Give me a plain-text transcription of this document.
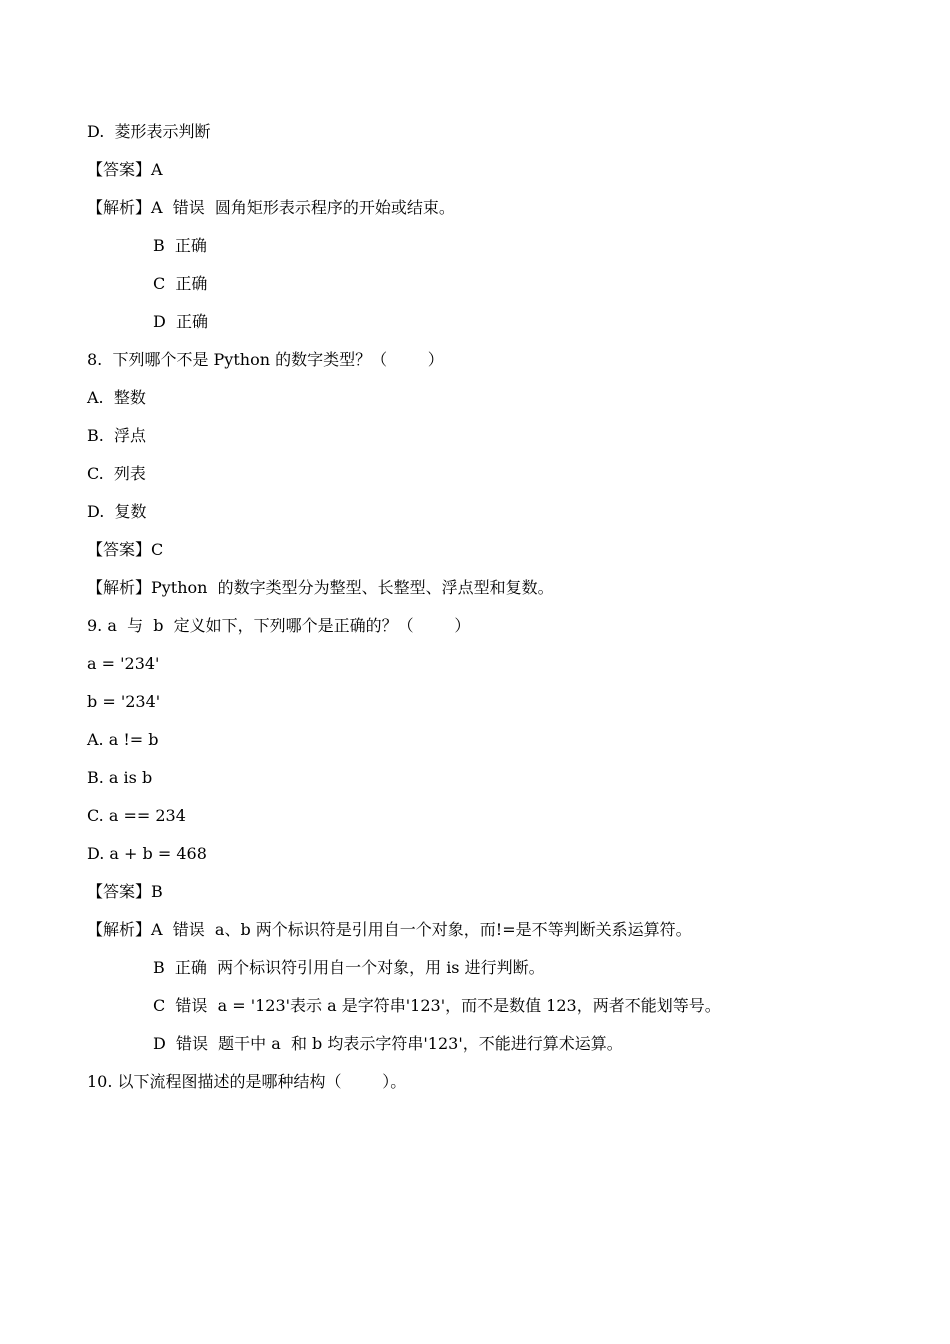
D.  菱形表示判断
【答案】A
【解析】A  错误  圆角矩形表示程序的开始或结束。
B  正确
C  正确
D  正确
8.  下列哪个不是 Python 的数字类型？（        ）
A.  整数
B.  浮点
C.  列表
D.  复数
【答案】C
【解析】Python  的数字类型分为整型、长整型、浮点型和复数。
9. a  与  b  定义如下，下列哪个是正确的？（        ）
a = '234'
b = '234'
A. a != b
B. a is b
C. a == 234
D. a + b = 468
【答案】B
【解析】A  错误  a、b 两个标识符是引用自一个对象，而!=是不等判断关系运算符。
B  正确  两个标识符引用自一个对象，用 is 进行判断。
C  错误  a = '123'表示 a 是字符串'123'，而不是数值 123，两者不能划等号。
D  错误  题干中 a  和 b 均表示字符串'123'，不能进行算术运算。
10. 以下流程图描述的是哪种结构（        ）。
